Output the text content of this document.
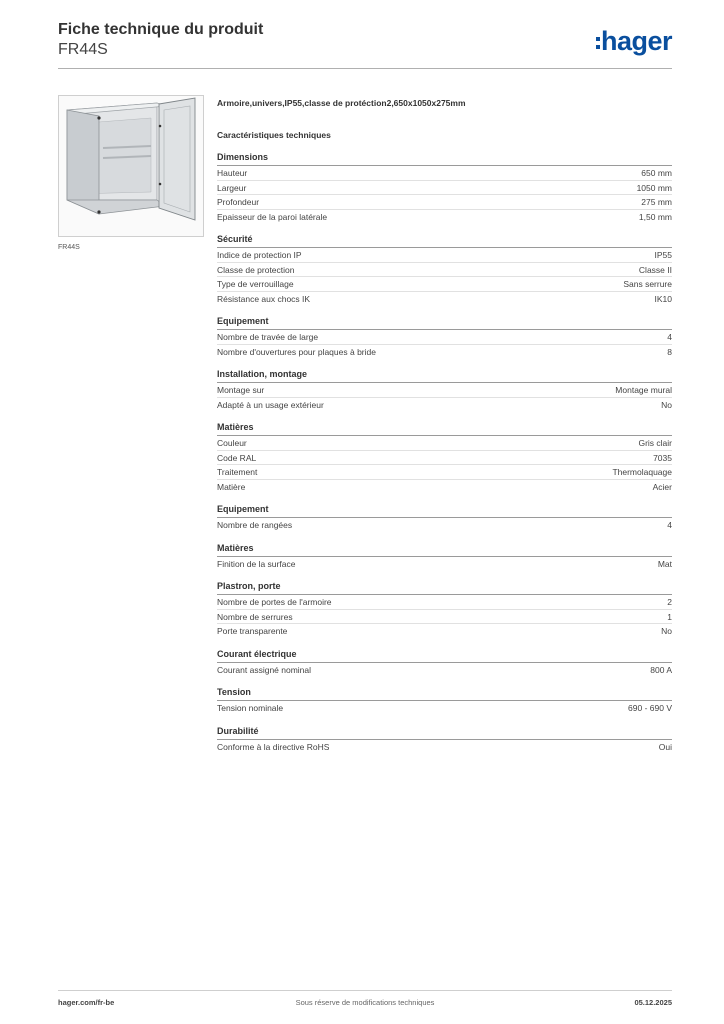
Fiche technique du produit
FR44S	hager
FR44S
Armoire,univers,IP55,classe de protéction2,650x1050x275mm
Caractéristiques techniques
Dimensions
Hauteur	650 mm
Largeur	1050 mm
Profondeur	275 mm
Epaisseur de la paroi latérale	1,50 mm
Sécurité
Indice de protection IP	IP55
Classe de protection	Classe II
Type de verrouillage	Sans serrure
Résistance aux chocs IK	IK10
Equipement
Nombre de travée de large	4
Nombre d'ouvertures pour plaques à bride	8
Installation, montage
Montage sur	Montage mural
Adapté à un usage extérieur	No
Matières
Couleur	Gris clair
Code RAL	7035
Traitement	Thermolaquage
Matière	Acier
Equipement
Nombre de rangées	4
Matières
Finition de la surface	Mat
Plastron, porte
Nombre de portes de l'armoire	2
Nombre de serrures	1
Porte transparente	No
Courant électrique
Courant assigné nominal	800 A
Tension
Tension nominale	690 - 690 V
Durabilité
Conforme à la directive RoHS	Oui
hager.com/fr-be	Sous réserve de modifications techniques	05.12.2025
